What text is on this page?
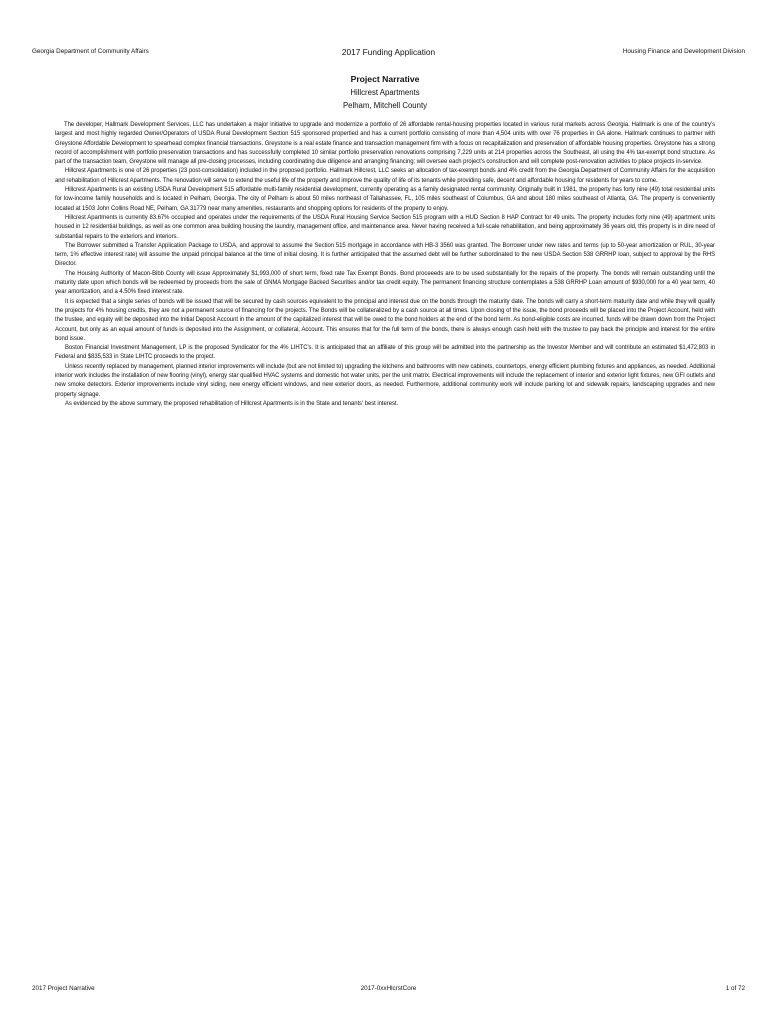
Georgia Department of Community Affairs	2017 Funding Application	Housing Finance and Development Division
Project Narrative
Hillcrest Apartments
Pelham, Mitchell County

The developer, Hallmark Development Services, LLC has undertaken a major initiative to upgrade and modernize a portfolio of 26 affordable rental-housing properties located in various rural markets across Georgia. Hallmark is one of the country's largest and most highly regarded Owner/Operators of USDA Rural Development Section 515 sponsored propertied and has a current portfolio consisting of more than 4,504 units with over 76 properties in GA alone. Hallmark continues to partner with Greystone Affordable Development to spearhead complex financial transactions. Greystone is a real estate finance and transaction management firm with a focus on recapitalization and preservation of affordable housing properties. Greystone has a strong record of accomplishment with portfolio preservation transactions and has successfully completed 10 similar portfolio preservation renovations comprising 7,229 units at 214 properties across the Southeast, all using the 4% tax-exempt bond structure. As part of the transaction team, Greystone will manage all pre-closing processes, including coordinating due diligence and arranging financing; will oversee each project's construction and will complete post-renovation activities to place projects in-service.

Hillcrest Apartments is one of 26 properties (23 post-consolidation) included in the proposed portfolio. Hallmark Hillcrest, LLC seeks an allocation of tax-exempt bonds and 4% credit from the Georgia Department of Community Affairs for the acquisition and rehabilitation of Hillcrest Apartments. The renovation will serve to extend the useful life of the property and improve the quality of life of its tenants while providing safe, decent and affordable housing for residents for years to come.

Hillcrest Apartments is an existing USDA Rural Development 515 affordable multi-family residential development, currently operating as a family designated rental community. Originally built in 1981, the property has forty nine (49) total residential units for low-income family households and is located in Pelham, Georgia. The city of Pelham is about 50 miles northeast of Tallahassee, FL, 105 miles southeast of Columbus, GA and about 180 miles southeast of Atlanta, GA. The property is conveniently located at 1503 John Collins Road NE, Pelham, GA 31779 near many amenities, restaurants and shopping options for residents of the property to enjoy.

Hillcrest Apartments is currently 83.67% occupied and operates under the requirements of the USDA Rural Housing Service Section 515 program with a HUD Section 8 HAP Contract for 49 units. The property includes forty nine (49) apartment units housed in 12 residential buildings, as well as one common area building housing the laundry, management office, and maintenance area. Never having received a full-scale rehabilitation, and being approximately 36 years old, this property is in dire need of substantial repairs to the exteriors and interiors.

The Borrower submitted a Transfer Application Package to USDA, and approval to assume the Section 515 mortgage in accordance with HB-3 3560 was granted. The Borrower under new rates and terms (up to 50-year amortization or RUL, 30-year term, 1% effective interest rate) will assume the unpaid principal balance at the time of initial closing. It is further anticipated that the assumed debt will be further subordinated to the new USDA Section 538 GRRHP loan, subject to approval by the RHS Director.

The Housing Authority of Macon-Bibb County will issue Approximately $1,993,000 of short term, fixed rate Tax Exempt Bonds. Bond proceeeds are to be used substantially for the repairs of the property. The bonds will remain outstanding until the maturity date upon which bonds will be redeemed by proceeds from the sale of GNMA Mortgage Backed Securities and/or tax credit equity. The permanent financing structure contemplates a 538 GRRHP Loan amount of $930,000 for a 40 year term, 40 year amortization, and a 4.50% fixed interest rate.

It is expected that a single series of bonds will be issued that will be secured by cash sources equivalent to the principal and interest due on the bonds through the maturity date. The bonds will carry a short-term maturity date and while they will qualify the projects for 4% housing credits, they are not a permanent source of financing for the projects. The Bonds will be collateralized by a cash source at all times. Upon closing of the issue, the bond proceeds will be placed into the Project Account, held with the trustee, and equity will be deposited into the Initial Deposit Account in the amount of the capitalized interest that will be owed to the bond holders at the end of the bond term. As bond-eligible costs are incurred, funds will be drawn down from the Project Account, but only as an equal amount of funds is deposited into the Assignment, or collateral, Account. This ensures that for the full term of the bonds, there is always enough cash held with the trustee to pay back the principle and interest for the entire bond issue.

Boston Financial Investment Management, LP is the proposed Syndicator for the 4% LIHTC's. It is anticipated that an affiliate of this group will be admitted into the partnership as the Investor Member and will contribute an estimated $1,472,803 in Federal and $835,533 in State LIHTC proceeds to the project.

Unless recently replaced by management, planned interior improvements will include (but are not limited to) upgrading the kitchens and bathrooms with new cabinets, countertops, energy efficient plumbing fixtures and appliances, as needed. Additional interior work includes the installation of new flooring (vinyl), energy star qualified HVAC systems and domestic hot water units, per the unit matrix. Electrical improvements will include the replacement of interior and exterior light fixtures, new GFI outlets and new smoke detectors. Exterior improvements include vinyl siding, new energy efficient windows, and new exterior doors, as needed. Furthermore, additional community work will include parking lot and sidewalk repairs, landscaping upgrades and new property signage.

As evidenced by the above summary, the proposed rehabilitation of Hillcrest Apartments is in the State and tenants' best interest.

2017 Project Narrative	2017-0xxHlcrstCore	1 of 72
